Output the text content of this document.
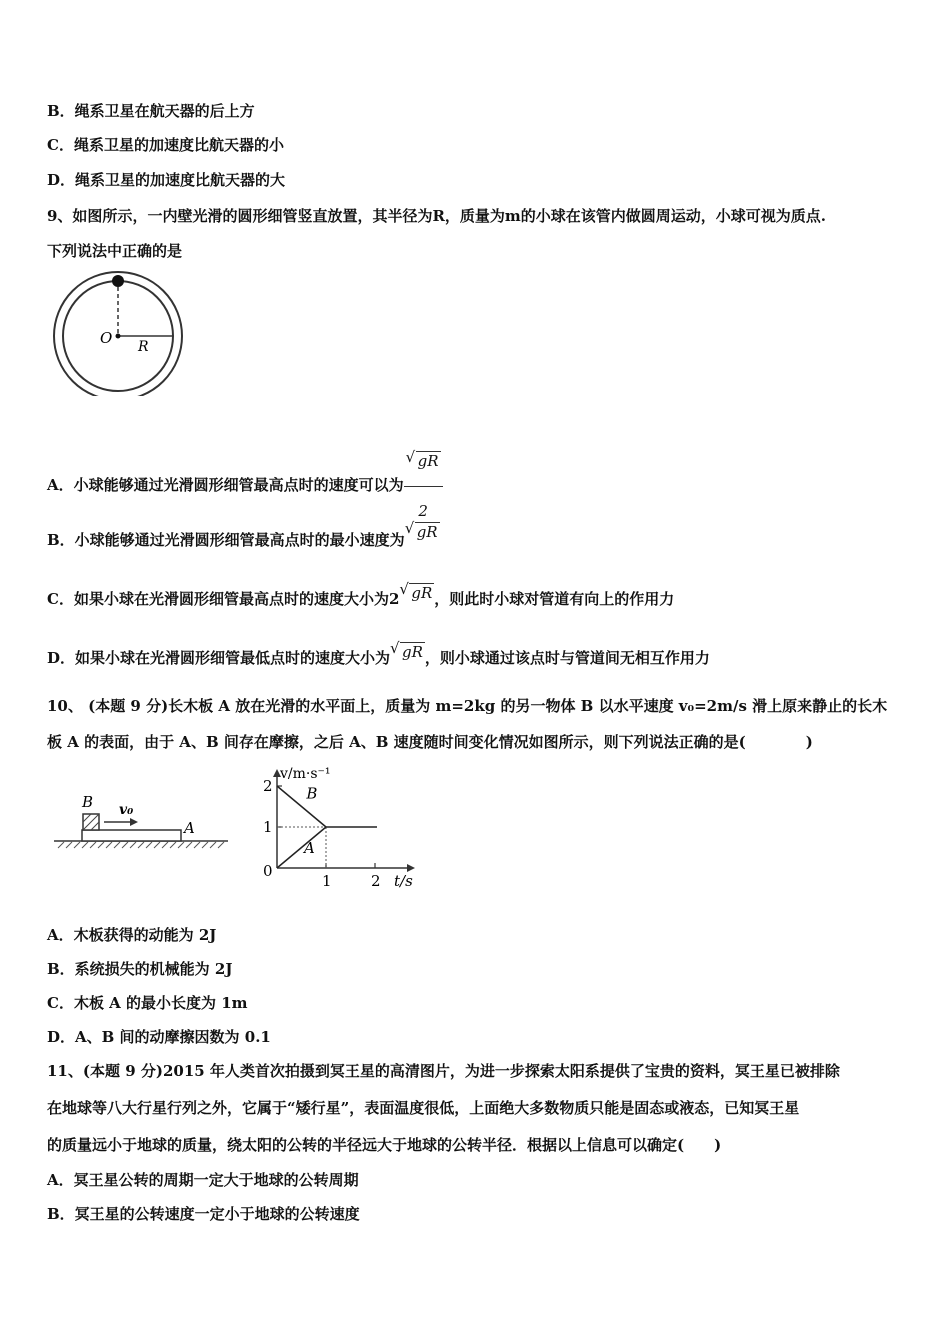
B．绳系卫星在航天器的后上方
C．绳系卫星的加速度比航天器的小
D．绳系卫星的加速度比航天器的大
9、如图所示，一内壁光滑的圆形细管竖直放置，其半径为R，质量为m的小球在该管内做圆周运动，小球可视为质点.
下列说法中正确的是
O R
A．小球能够通过光滑圆形细管最高点时的速度可以为 $\frac{√ gR}{2}$
B．小球能够通过光滑圆形细管最高点时的最小速度为
√ gR
C．如果小球在光滑圆形细管最高点时的速度大小为2
√ gR ，则此时小球对管道有向上的作用力
D．如果小球在光滑圆形细管最低点时的速度大小为
√ gR ，则小球通过该点时与管道间无相互作用力
10、 (本题 9 分)长木板 A 放在光滑的水平面上，质量为 m=2kg 的另一物体 B 以水平速度 v₀=2m/s 滑上原来静止的长木
板 A 的表面，由于 A、B 间存在摩擦，之后 A、B 速度随时间变化情况如图所示，则下列说法正确的是(　　　　)
B v₀
A
1	2
0
1
2 B
A
v/m·s⁻¹
t/s
A．木板获得的动能为 2J
B．系统损失的机械能为 2J
C．木板 A 的最小长度为 1m
D．A、B 间的动摩擦因数为 0.1
11、(本题 9 分)2015 年人类首次拍摄到冥王星的高清图片，为进一步探索太阳系提供了宝贵的资料，冥王星已被排除
在地球等八大行星行列之外，它属于“矮行星”，表面温度很低，上面绝大多数物质只能是固态或液态，已知冥王星
的质量远小于地球的质量，绕太阳的公转的半径远大于地球的公转半径．根据以上信息可以确定(　　)
A．冥王星公转的周期一定大于地球的公转周期
B．冥王星的公转速度一定小于地球的公转速度
